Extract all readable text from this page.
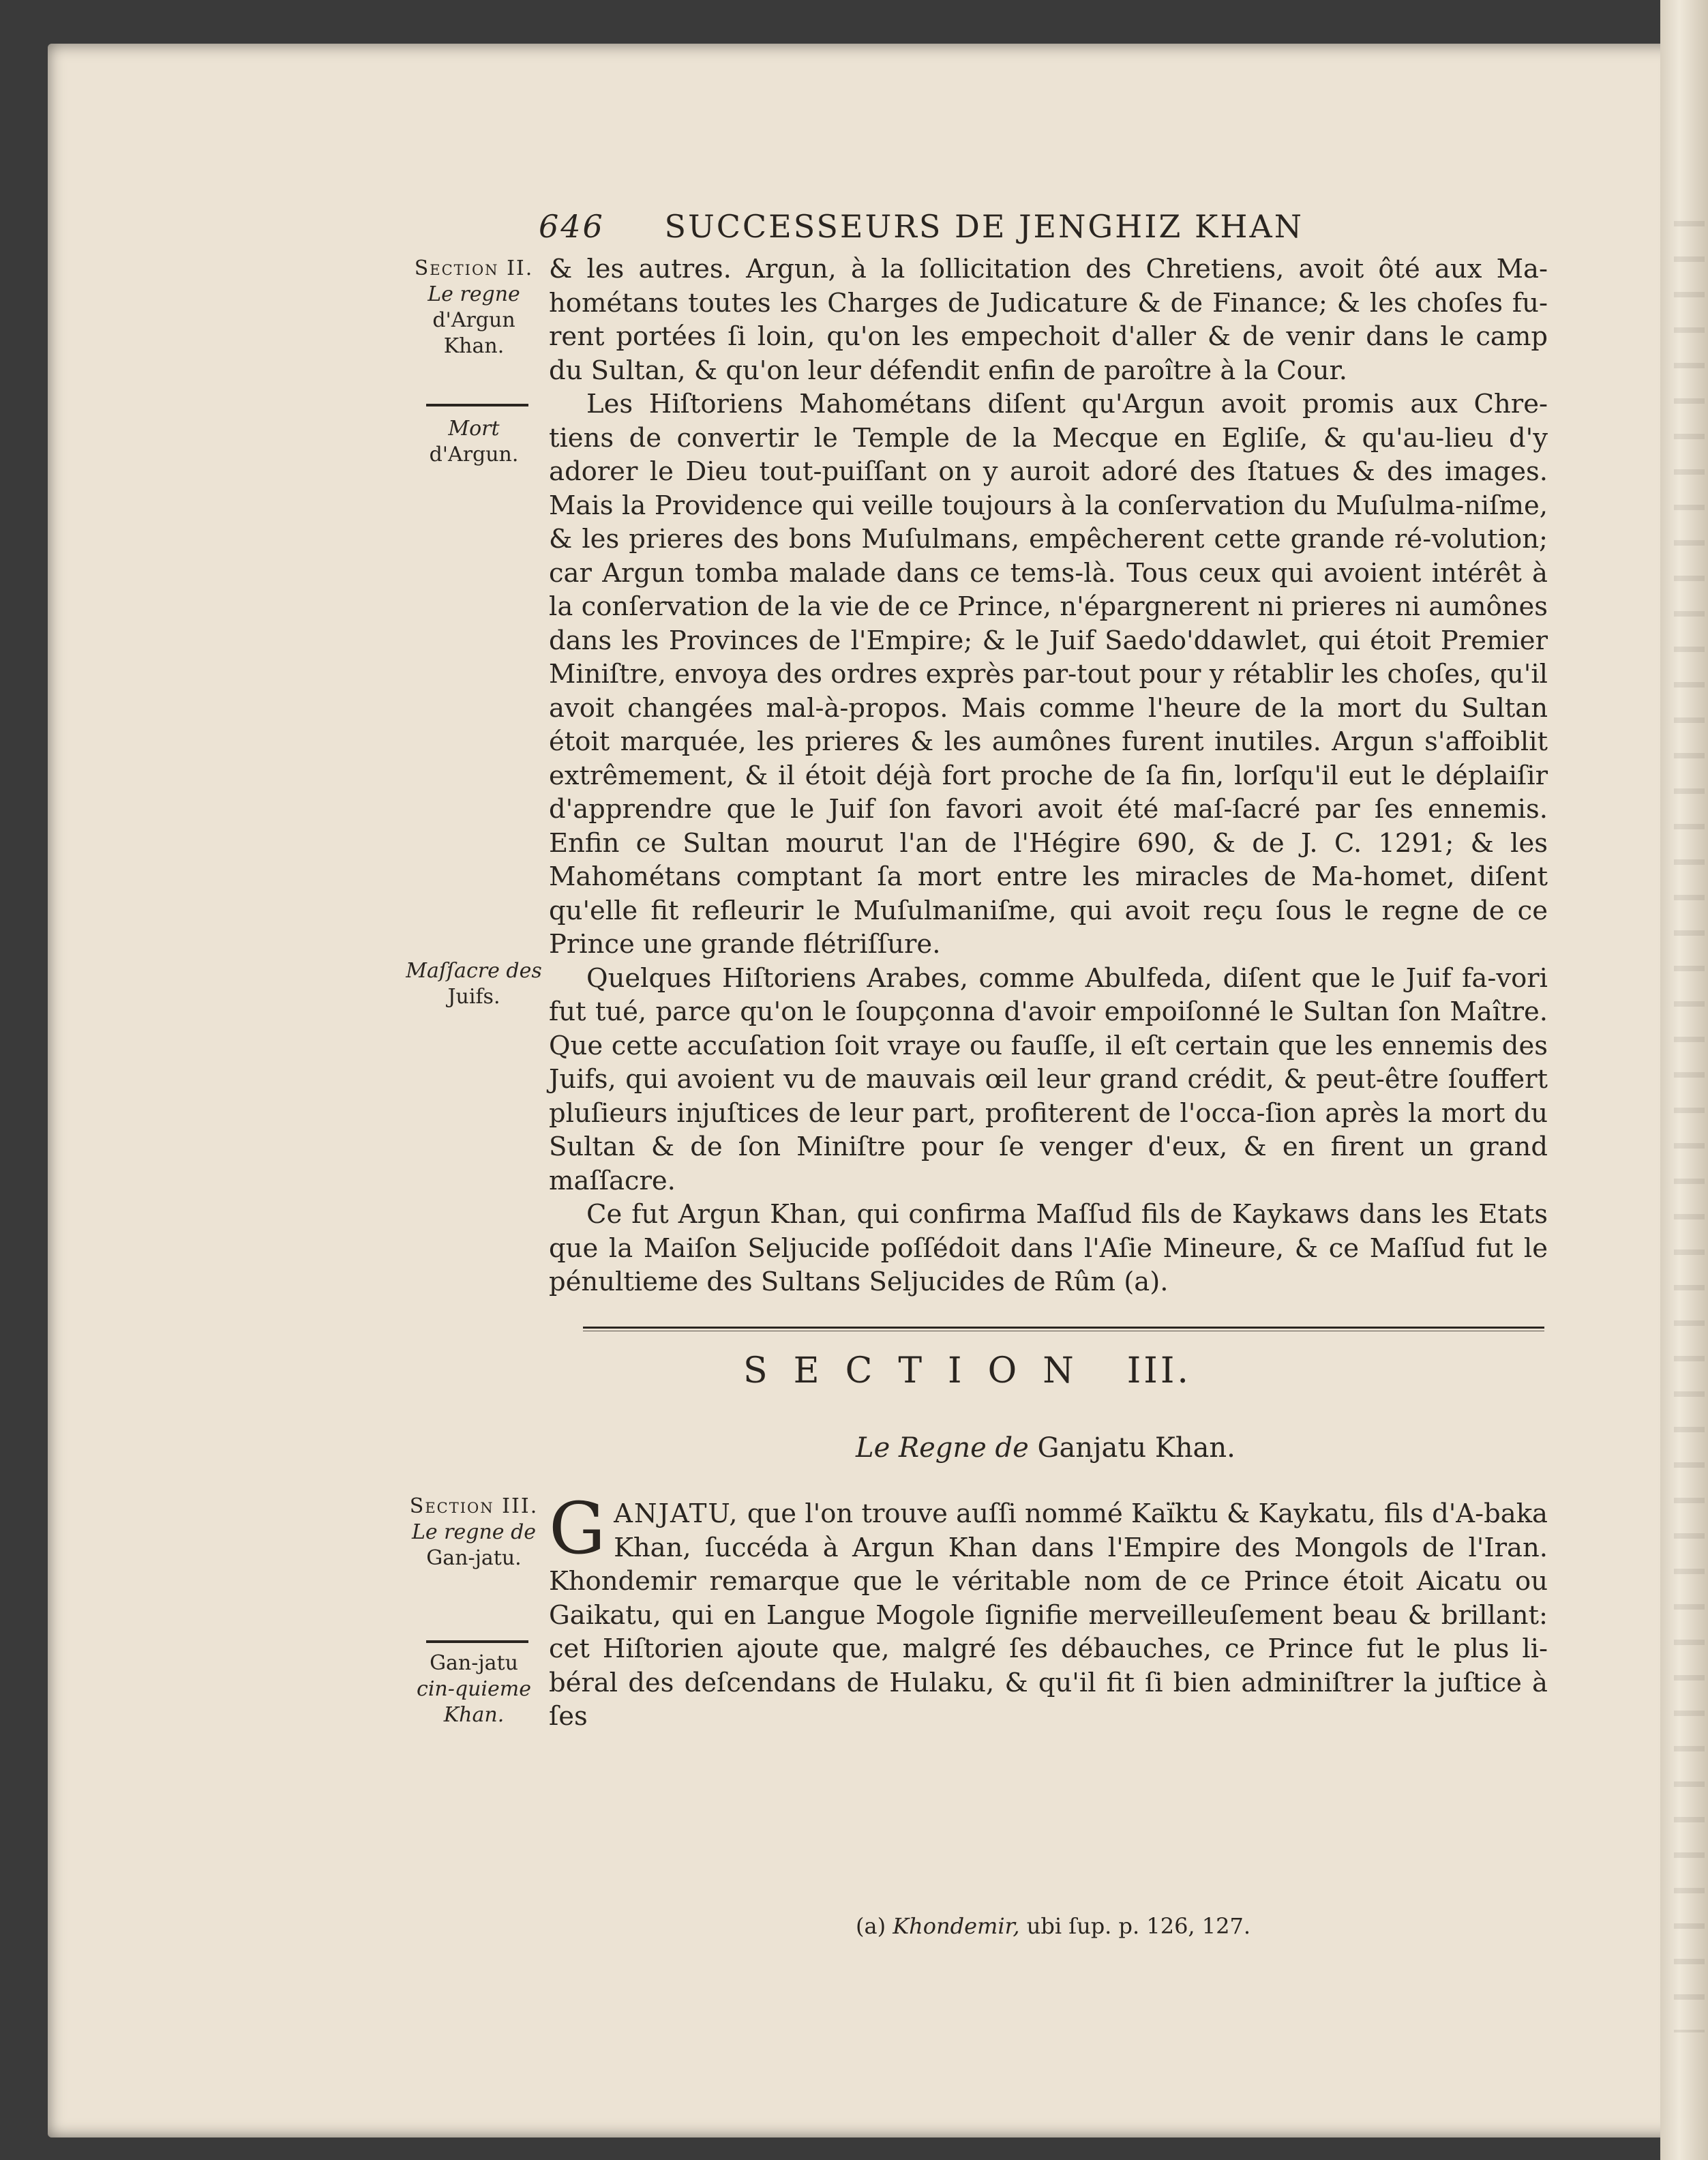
646 SUCCESSEURS DE JENGHIZ KHAN
Section II.
Le regne
d'Argun Khan.
Mort
d'Argun.
Maſſacre des
Juifs.
Section III.
Le regne de
Gan-jatu.
Gan-jatu
cin-quieme Khan.

& les autres. Argun, à la ſollicitation des Chretiens, avoit ôté aux Ma-hométans toutes les Charges de Judicature & de Finance; & les choſes fu-rent portées ſi loin, qu'on les empechoit d'aller & de venir dans le camp du Sultan, & qu'on leur défendit enfin de paroître à la Cour.

Les Hiſtoriens Mahométans diſent qu'Argun avoit promis aux Chre-tiens de convertir le Temple de la Mecque en Egliſe, & qu'au-lieu d'y adorer le Dieu tout-puiſſant on y auroit adoré des ſtatues & des images. Mais la Providence qui veille toujours à la conſervation du Muſulma-niſme, & les prieres des bons Muſulmans, empêcherent cette grande ré-volution; car Argun tomba malade dans ce tems-là. Tous ceux qui avoient intérêt à la conſervation de la vie de ce Prince, n'épargnerent ni prieres ni aumônes dans les Provinces de l'Empire; & le Juif Saedo'ddawlet, qui étoit Premier Miniſtre, envoya des ordres exprès par-tout pour y rétablir les choſes, qu'il avoit changées mal-à-propos. Mais comme l'heure de la mort du Sultan étoit marquée, les prieres & les aumônes furent inutiles. Argun s'affoiblit extrêmement, & il étoit déjà fort proche de ſa fin, lorſqu'il eut le déplaiſir d'apprendre que le Juif ſon favori avoit été maſ-ſacré par ſes ennemis. Enfin ce Sultan mourut l'an de l'Hégire 690, & de J. C. 1291; & les Mahométans comptant ſa mort entre les miracles de Ma-homet, diſent qu'elle fit refleurir le Muſulmaniſme, qui avoit reçu ſous le regne de ce Prince une grande flétriſſure.

Quelques Hiſtoriens Arabes, comme Abulfeda, diſent que le Juif fa-vori fut tué, parce qu'on le ſoupçonna d'avoir empoiſonné le Sultan ſon Maître. Que cette accuſation ſoit vraye ou fauſſe, il eſt certain que les ennemis des Juifs, qui avoient vu de mauvais œil leur grand crédit, & peut-être ſouffert pluſieurs injuſtices de leur part, profiterent de l'occa-ſion après la mort du Sultan & de ſon Miniſtre pour ſe venger d'eux, & en firent un grand maſſacre.

Ce fut Argun Khan, qui confirma Maſſud fils de Kaykaws dans les Etats que la Maiſon Seljucide poſſédoit dans l'Aſie Mineure, & ce Maſſud fut le pénultieme des Sultans Seljucides de Rûm (a).

SECTION III.
Le Regne de Ganjatu Khan.

GANJATU, que l'on trouve auſſi nommé Kaïktu & Kaykatu, fils d'A-baka Khan, ſuccéda à Argun Khan dans l'Empire des Mongols de l'Iran. Khondemir remarque que le véritable nom de ce Prince étoit Aicatu ou Gaikatu, qui en Langue Mogole ſignifie merveilleuſement beau & brillant: cet Hiſtorien ajoute que, malgré ſes débauches, ce Prince fut le plus li-béral des deſcendans de Hulaku, & qu'il fit ſi bien adminiſtrer la juſtice à ſes

(a) Khondemir, ubi ſup. p. 126, 127.
